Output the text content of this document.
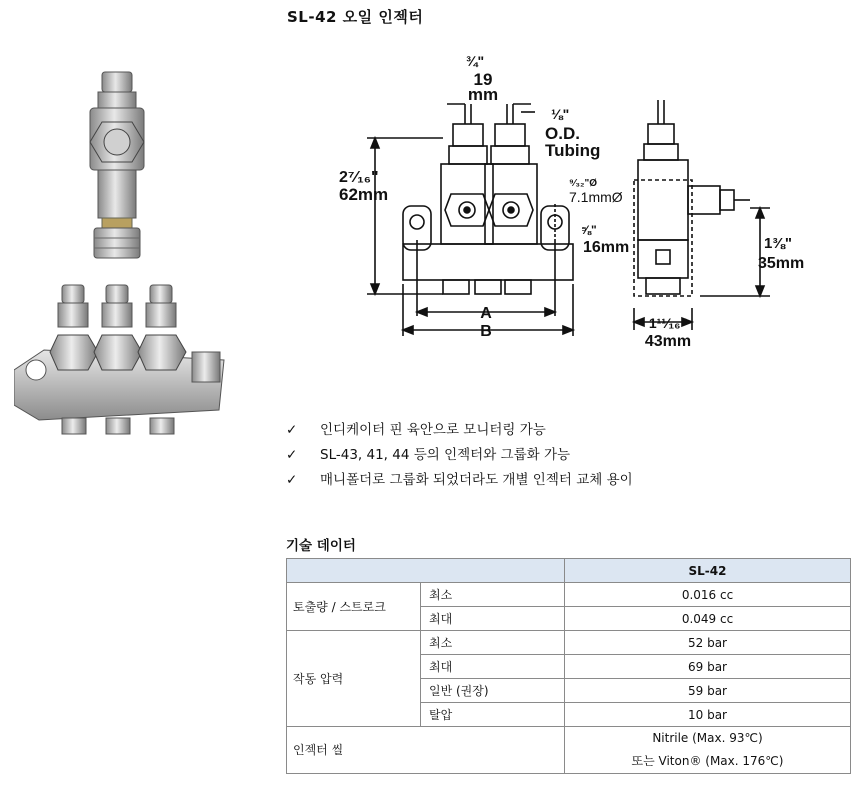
SL-42 오일 인젝터
¾"
19
mm
⅛"
O.D.
Tubing
2⁷⁄₁₆"
62mm
⁹⁄₃₂"Ø
7.1mmØ
⅝"
16mm
A
B
1⅜"
35mm
1¹¹⁄₁₆"
43mm
✓ 인디케이터 핀 육안으로 모니터링 가능
✓ SL-43, 41, 44 등의 인젝터와 그룹화 가능
✓ 매니폴더로 그룹화 되었더라도 개별 인젝터 교체 용이
기술 데이터
		SL-42
토출량 / 스트로크	최소	0.016 cc
	최대	0.049 cc
작동 압력	최소	52 bar
	최대	69 bar
	일반 (권장)	59 bar
	탈압	10 bar
인젝터 씰		Nitrile (Max. 93℃)
또는 Viton® (Max. 176℃)
